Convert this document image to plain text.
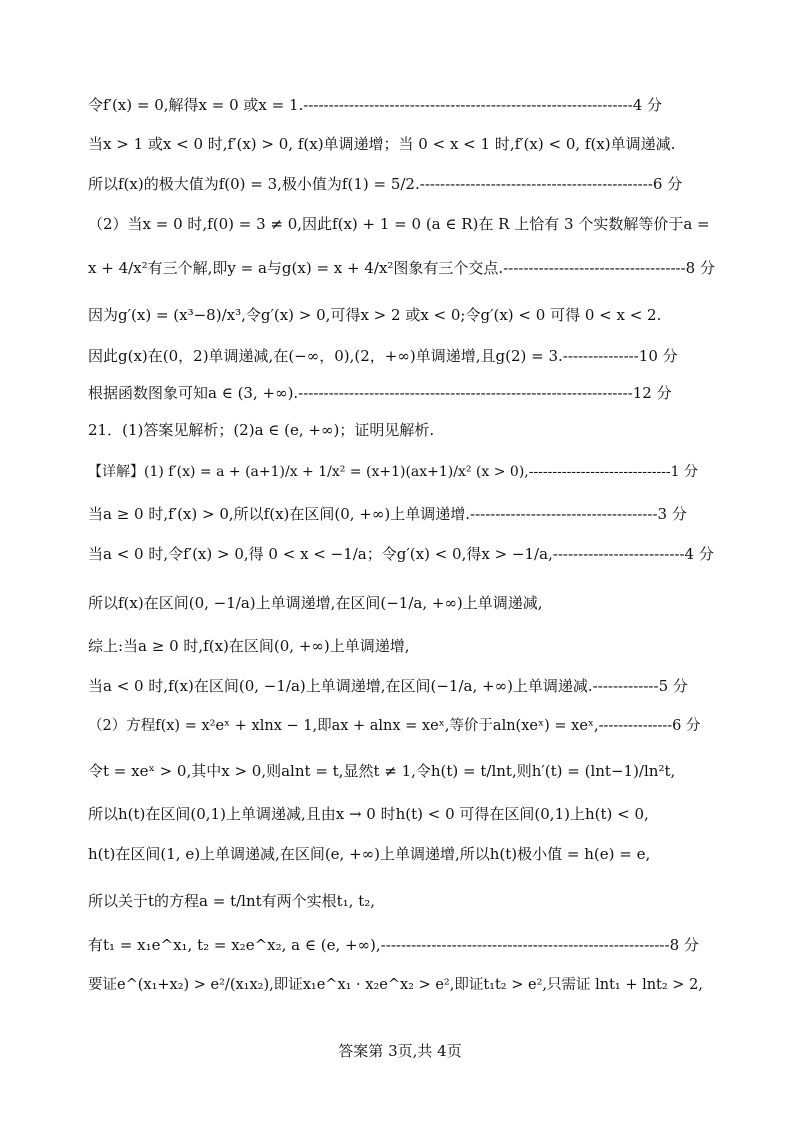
令f′(x) = 0,解得x = 0 或x = 1.-----------------------------------------------------------------4 分
当x > 1 或x < 0 时,f′(x) > 0, f(x)单调递增；当 0 < x < 1 时,f′(x) < 0, f(x)单调递减.
所以f(x)的极大值为f(0) = 3,极小值为f(1) = 5/2.----------------------------------------------6 分
（2）当x = 0 时,f(0) = 3 ≠ 0,因此f(x) + 1 = 0 (a ∈ R)在 R 上恰有 3 个实数解等价于a =
x + 4/x²有三个解,即y = a与g(x) = x + 4/x²图象有三个交点.------------------------------------8 分
因为g′(x) = (x³−8)/x³,令g′(x) > 0,可得x > 2 或x < 0;令g′(x) < 0 可得 0 < x < 2.
因此g(x)在(0，2)单调递减,在(−∞，0),(2，+∞)单调递增,且g(2) = 3.---------------10 分
根据函数图象可知a ∈ (3, +∞).------------------------------------------------------------------12 分
21．(1)答案见解析；(2)a ∈ (e, +∞)；证明见解析.
【详解】(1) f′(x) = a + (a+1)/x + 1/x² = (x+1)(ax+1)/x² (x > 0),------------------------------1 分
当a ≥ 0 时,f′(x) > 0,所以f(x)在区间(0, +∞)上单调递增.-------------------------------------3 分
当a < 0 时,令f′(x) > 0,得 0 < x < −1/a；令g′(x) < 0,得x > −1/a,--------------------------4 分
所以f(x)在区间(0, −1/a)上单调递增,在区间(−1/a, +∞)上单调递减,
综上:当a ≥ 0 时,f(x)在区间(0, +∞)上单调递增,
当a < 0 时,f(x)在区间(0, −1/a)上单调递增,在区间(−1/a, +∞)上单调递减.-------------5 分
（2）方程f(x) = x²eˣ + xlnx − 1,即ax + alnx = xeˣ,等价于aln(xeˣ) = xeˣ,---------------6 分
令t = xeˣ > 0,其中x > 0,则alnt = t,显然t ≠ 1,令h(t) = t/lnt,则h′(t) = (lnt−1)/ln²t,
所以h(t)在区间(0,1)上单调递减,且由x → 0 时h(t) < 0 可得在区间(0,1)上h(t) < 0,
h(t)在区间(1, e)上单调递减,在区间(e, +∞)上单调递增,所以h(t)极小值 = h(e) = e,
所以关于t的方程a = t/lnt有两个实根t₁, t₂,
有t₁ = x₁e^x₁, t₂ = x₂e^x₂, a ∈ (e, +∞),---------------------------------------------------------8 分
要证e^(x₁+x₂) > e²/(x₁x₂),即证x₁e^x₁ · x₂e^x₂ > e²,即证t₁t₂ > e²,只需证 lnt₁ + lnt₂ > 2,
答案第 3页,共 4页
